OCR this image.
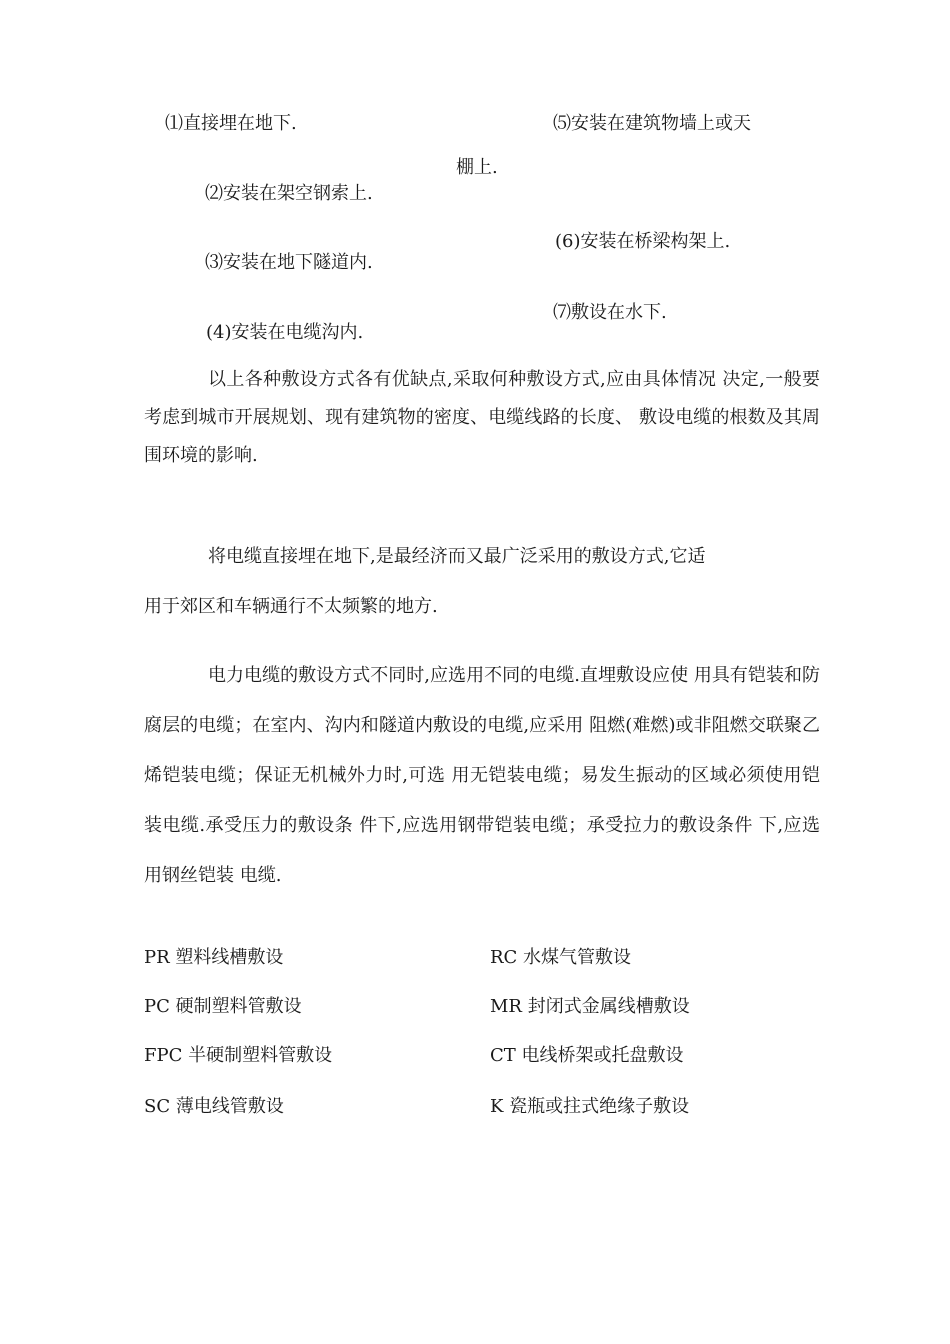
⑴直接埋在地下.	⑸安装在建筑物墙上或天
棚上.
⑵安装在架空钢索上.
(6)安装在桥梁构架上.
⑶安装在地下隧道内.
⑺敷设在水下.
(4)安装在电缆沟内.

以上各种敷设方式各有优缺点,采取何种敷设方式,应由具体情况 决定,一般要考虑到城市开展规划、现有建筑物的密度、电缆线路的长度、 敷设电缆的根数及其周围环境的影响.

将电缆直接埋在地下,是最经济而又最广泛采用的敷设方式,它适
用于郊区和车辆通行不太频繁的地方.

电力电缆的敷设方式不同时,应选用不同的电缆.直埋敷设应使 用具有铠装和防腐层的电缆；在室内、沟内和隧道内敷设的电缆,应采用 阻燃(难燃)或非阻燃交联聚乙烯铠装电缆；保证无机械外力时,可选 用无铠装电缆；易发生振动的区域必须使用铠装电缆.承受压力的敷设条 件下,应选用钢带铠装电缆；承受拉力的敷设条件 下,应选用钢丝铠装 电缆.

PR 塑料线槽敷设
PC 硬制塑料管敷设
FPC 半硬制塑料管敷设
SC 薄电线管敷设
RC 水煤气管敷设
MR 封闭式金属线槽敷设
CT 电线桥架或托盘敷设
K 瓷瓶或拄式绝缘子敷设
